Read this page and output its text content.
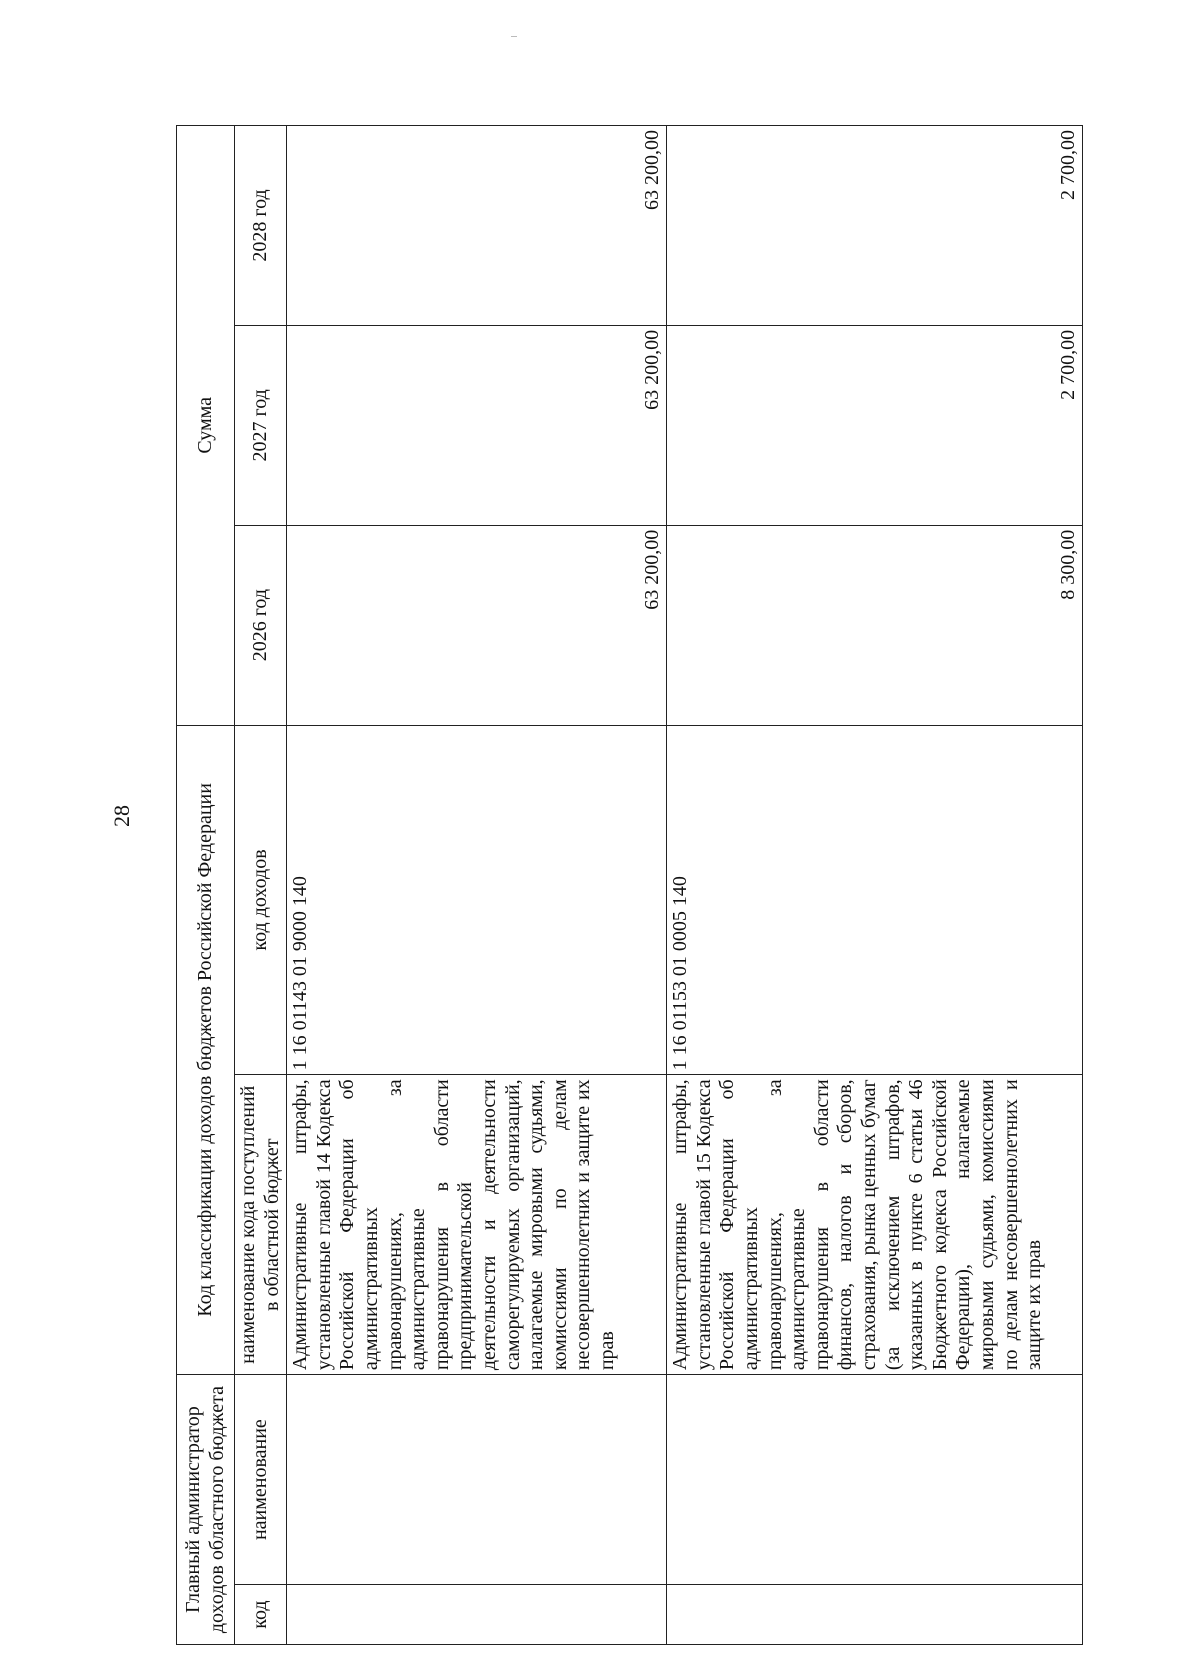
28
Главный администратор доходов областного бюджета		Код классификации доходов бюджетов Российской Федерации		Сумма		
код	наименование	наименование кода поступлений в областной бюджет	код доходов	2026 год	2027 год	2028 год
		Административные штрафы, установленные главой 14 Кодекса Российской Федерации об административных правонарушениях, за административные правонарушения в области предпринимательской деятельности и деятельности саморегулируемых организаций, налагаемые мировыми судьями, комиссиями по делам несовершеннолетних и защите их прав	1 16 01143 01 9000 140	63 200,00	63 200,00	63 200,00
		Административные штрафы, установленные главой 15 Кодекса Российской Федерации об административных правонарушениях, за административные правонарушения в области финансов, налогов и сборов, страхования, рынка ценных бумаг (за исключением штрафов, указанных в пункте 6 статьи 46 Бюджетного кодекса Российской Федерации), налагаемые мировыми судьями, комиссиями по делам несовершеннолетних и защите их прав	1 16 01153 01 0005 140	8 300,00	2 700,00	2 700,00
